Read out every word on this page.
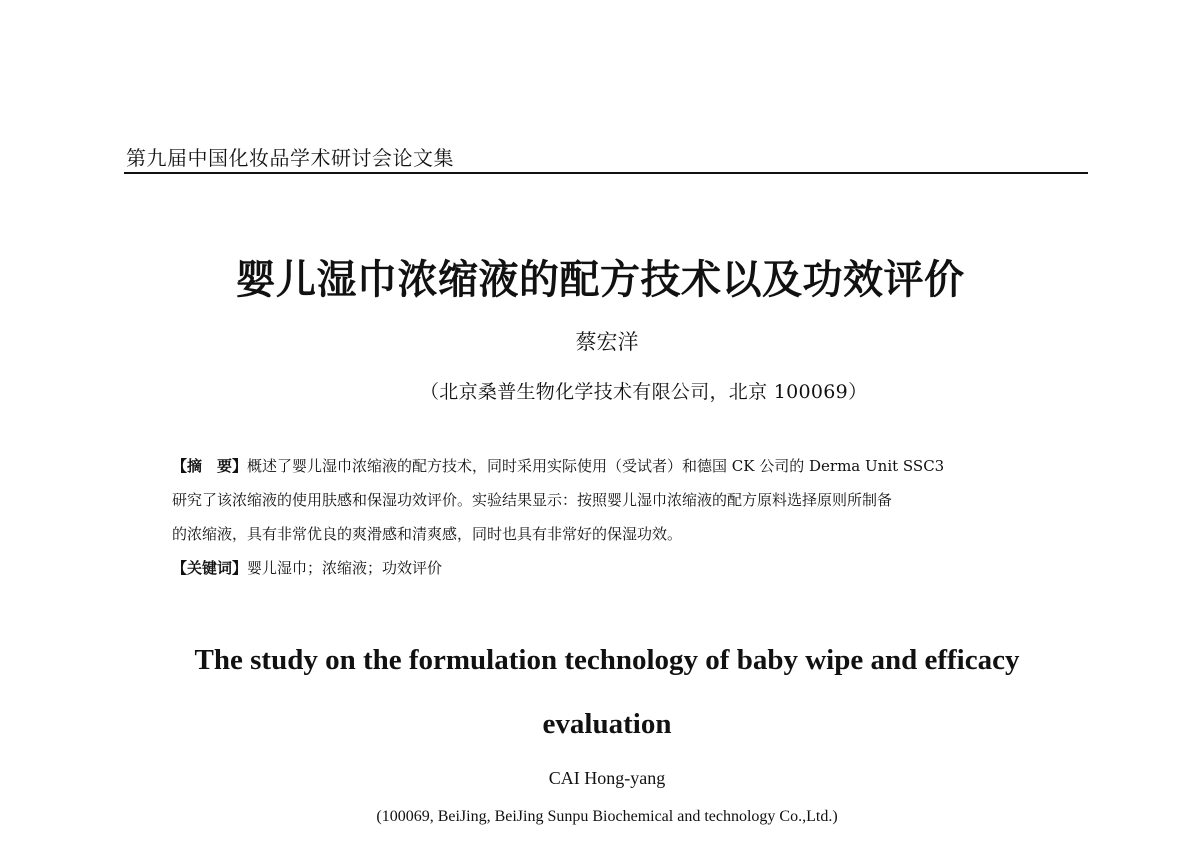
第九届中国化妆品学术研讨会论文集
婴儿湿巾浓缩液的配方技术以及功效评价
蔡宏洋
（北京桑普生物化学技术有限公司，北京 100069）
【摘　要】概述了婴儿湿巾浓缩液的配方技术，同时采用实际使用（受试者）和德国 CK 公司的 Derma Unit SSC3
研究了该浓缩液的使用肤感和保湿功效评价。实验结果显示：按照婴儿湿巾浓缩液的配方原料选择原则所制备
的浓缩液，具有非常优良的爽滑感和清爽感，同时也具有非常好的保湿功效。
【关键词】婴儿湿巾；浓缩液；功效评价
The study on the formulation technology of baby wipe and efficacy
evaluation
CAI Hong-yang
(100069, BeiJing, BeiJing Sunpu Biochemical and technology Co.,Ltd.)
